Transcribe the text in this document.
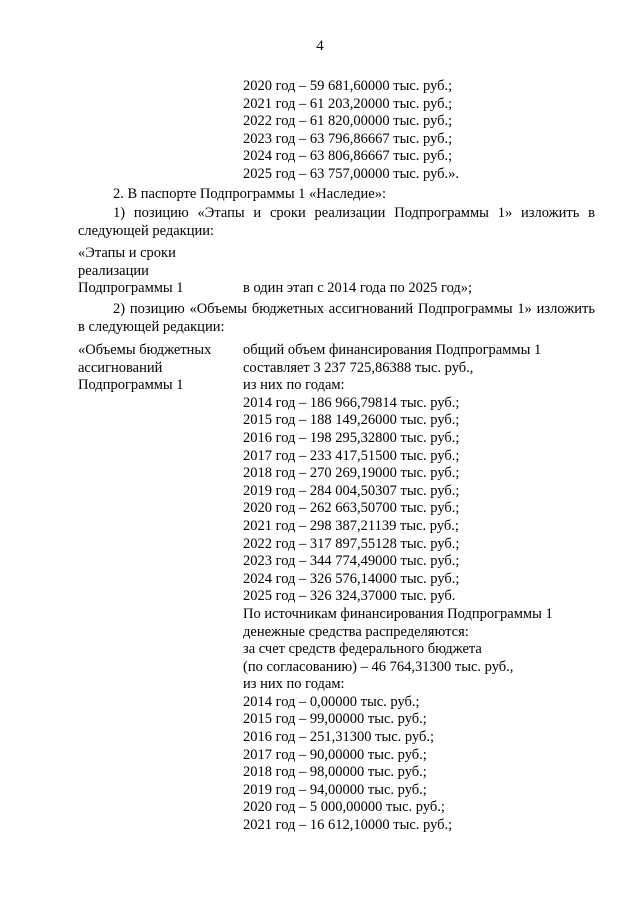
4
2020 год – 59 681,60000 тыс. руб.;
2021 год – 61 203,20000 тыс. руб.;
2022 год – 61 820,00000 тыс. руб.;
2023 год – 63 796,86667 тыс. руб.;
2024 год – 63 806,86667 тыс. руб.;
2025 год – 63 757,00000 тыс. руб.».
2. В паспорте Подпрограммы 1 «Наследие»:
1) позицию «Этапы и сроки реализации Подпрограммы 1» изложить в следующей редакции:
«Этапы и сроки
реализации
Подпрограммы 1	в один этап с 2014 года по 2025 год»;
2) позицию «Объемы бюджетных ассигнований Подпрограммы 1» изложить в следующей редакции:
«Объемы бюджетных
ассигнований
Подпрограммы 1
общий объем финансирования Подпрограммы 1
составляет 3 237 725,86388 тыс. руб.,
из них по годам:
2014 год – 186 966,79814 тыс. руб.;
2015 год – 188 149,26000 тыс. руб.;
2016 год – 198 295,32800 тыс. руб.;
2017 год – 233 417,51500 тыс. руб.;
2018 год – 270 269,19000 тыс. руб.;
2019 год – 284 004,50307 тыс. руб.;
2020 год – 262 663,50700 тыс. руб.;
2021 год – 298 387,21139 тыс. руб.;
2022 год – 317 897,55128 тыс. руб.;
2023 год – 344 774,49000 тыс. руб.;
2024 год – 326 576,14000 тыс. руб.;
2025 год – 326 324,37000 тыс. руб.
По источникам финансирования Подпрограммы 1
денежные средства распределяются:
за счет средств федерального бюджета
(по согласованию) – 46 764,31300 тыс. руб.,
из них по годам:
2014 год – 0,00000 тыс. руб.;
2015 год – 99,00000 тыс. руб.;
2016 год – 251,31300 тыс. руб.;
2017 год – 90,00000 тыс. руб.;
2018 год – 98,00000 тыс. руб.;
2019 год – 94,00000 тыс. руб.;
2020 год – 5 000,00000 тыс. руб.;
2021 год – 16 612,10000 тыс. руб.;
